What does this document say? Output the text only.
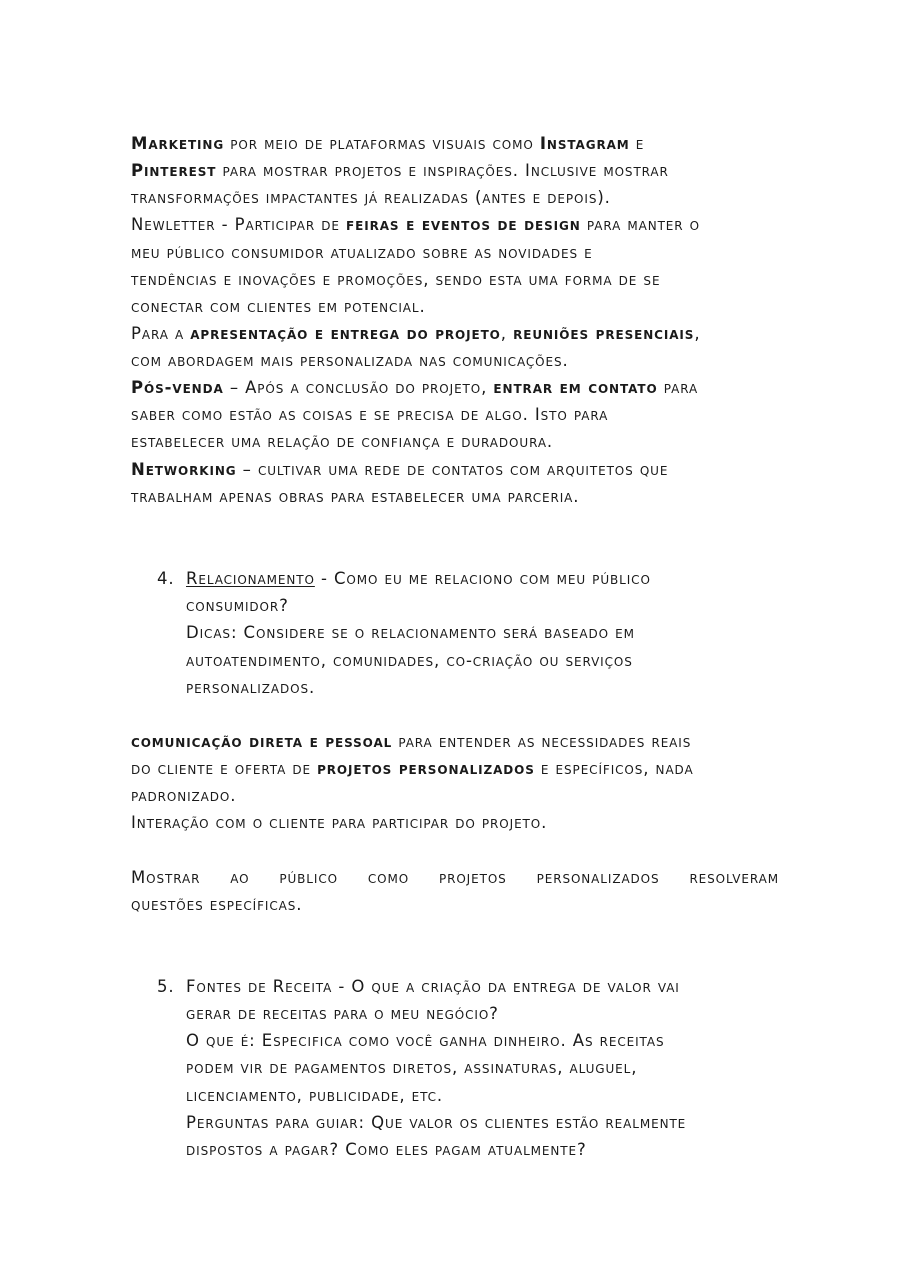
Marketing por meio de plataformas visuais como Instagram e

Pinterest para mostrar projetos e inspirações. Inclusive mostrar

transformações impactantes já realizadas (antes e depois).

Newletter - Participar de feiras e eventos de design para manter o

meu público consumidor atualizado sobre as novidades e

tendências e inovações e promoções, sendo esta uma forma de se

conectar com clientes em potencial.

Para a apresentação e entrega do projeto, reuniões presenciais,

com abordagem mais personalizada nas comunicações.

Pós-venda – Após a conclusão do projeto, entrar em contato para

saber como estão as coisas e se precisa de algo. Isto para

estabelecer uma relação de confiança e duradoura.

Networking – cultivar uma rede de contatos com arquitetos que

trabalham apenas obras para estabelecer uma parceria.

4. Relacionamento - Como eu me relaciono com meu público

consumidor?

Dicas: Considere se o relacionamento será baseado em

autoatendimento, comunidades, co-criação ou serviços

personalizados.

comunicação direta e pessoal para entender as necessidades reais

do cliente e oferta de projetos personalizados e específicos, nada

padronizado.

Interação com o cliente para participar do projeto.

Mostrar ao público como projetos personalizados resolveram

questões específicas.

5. Fontes de Receita - O que a criação da entrega de valor vai

gerar de receitas para o meu negócio?

O que é: Especifica como você ganha dinheiro. As receitas

podem vir de pagamentos diretos, assinaturas, aluguel,

licenciamento, publicidade, etc.

Perguntas para guiar: Que valor os clientes estão realmente

dispostos a pagar? Como eles pagam atualmente?
